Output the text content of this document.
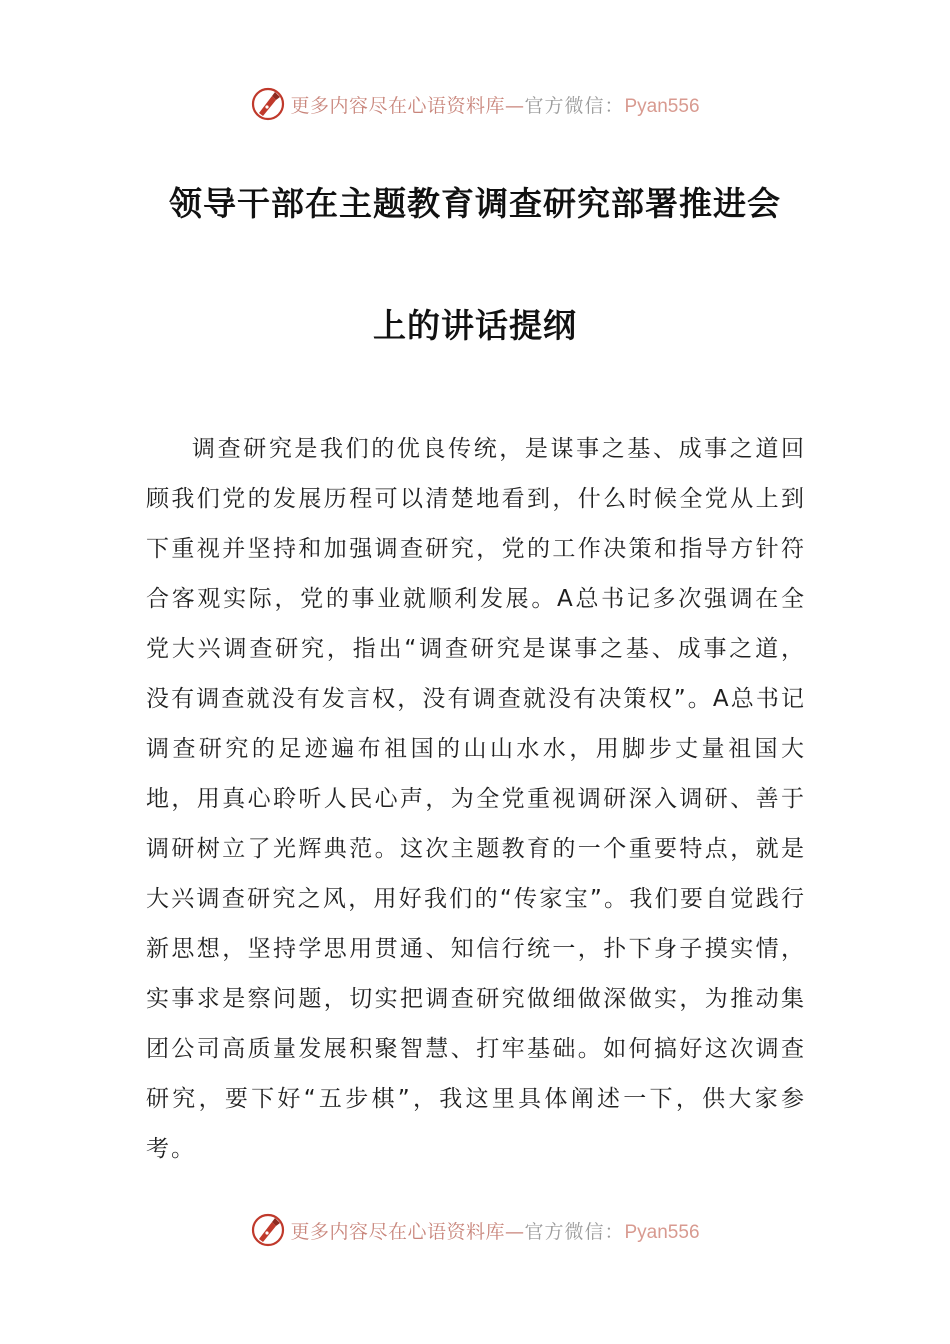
更多内容尽在心语资料库—官方微信：Pyan556
领导干部在主题教育调查研究部署推进会
上的讲话提纲

调查研究是我们的优良传统，是谋事之基、成事之道回顾我们党的发展历程可以清楚地看到，什么时候全党从上到下重视并坚持和加强调查研究，党的工作决策和指导方针符合客观实际，党的事业就顺利发展。A总书记多次强调在全党大兴调查研究，指出“调查研究是谋事之基、成事之道，没有调查就没有发言权，没有调查就没有决策权”。A总书记调查研究的足迹遍布祖国的山山水水，用脚步丈量祖国大地，用真心聆听人民心声，为全党重视调研深入调研、善于调研树立了光辉典范。这次主题教育的一个重要特点，就是大兴调查研究之风，用好我们的“传家宝”。我们要自觉践行新思想，坚持学思用贯通、知信行统一，扑下身子摸实情，实事求是察问题，切实把调查研究做细做深做实，为推动集团公司高质量发展积聚智慧、打牢基础。如何搞好这次调查研究，要下好“五步棋”，我这里具体阐述一下，供大家参考。

更多内容尽在心语资料库—官方微信：Pyan556
